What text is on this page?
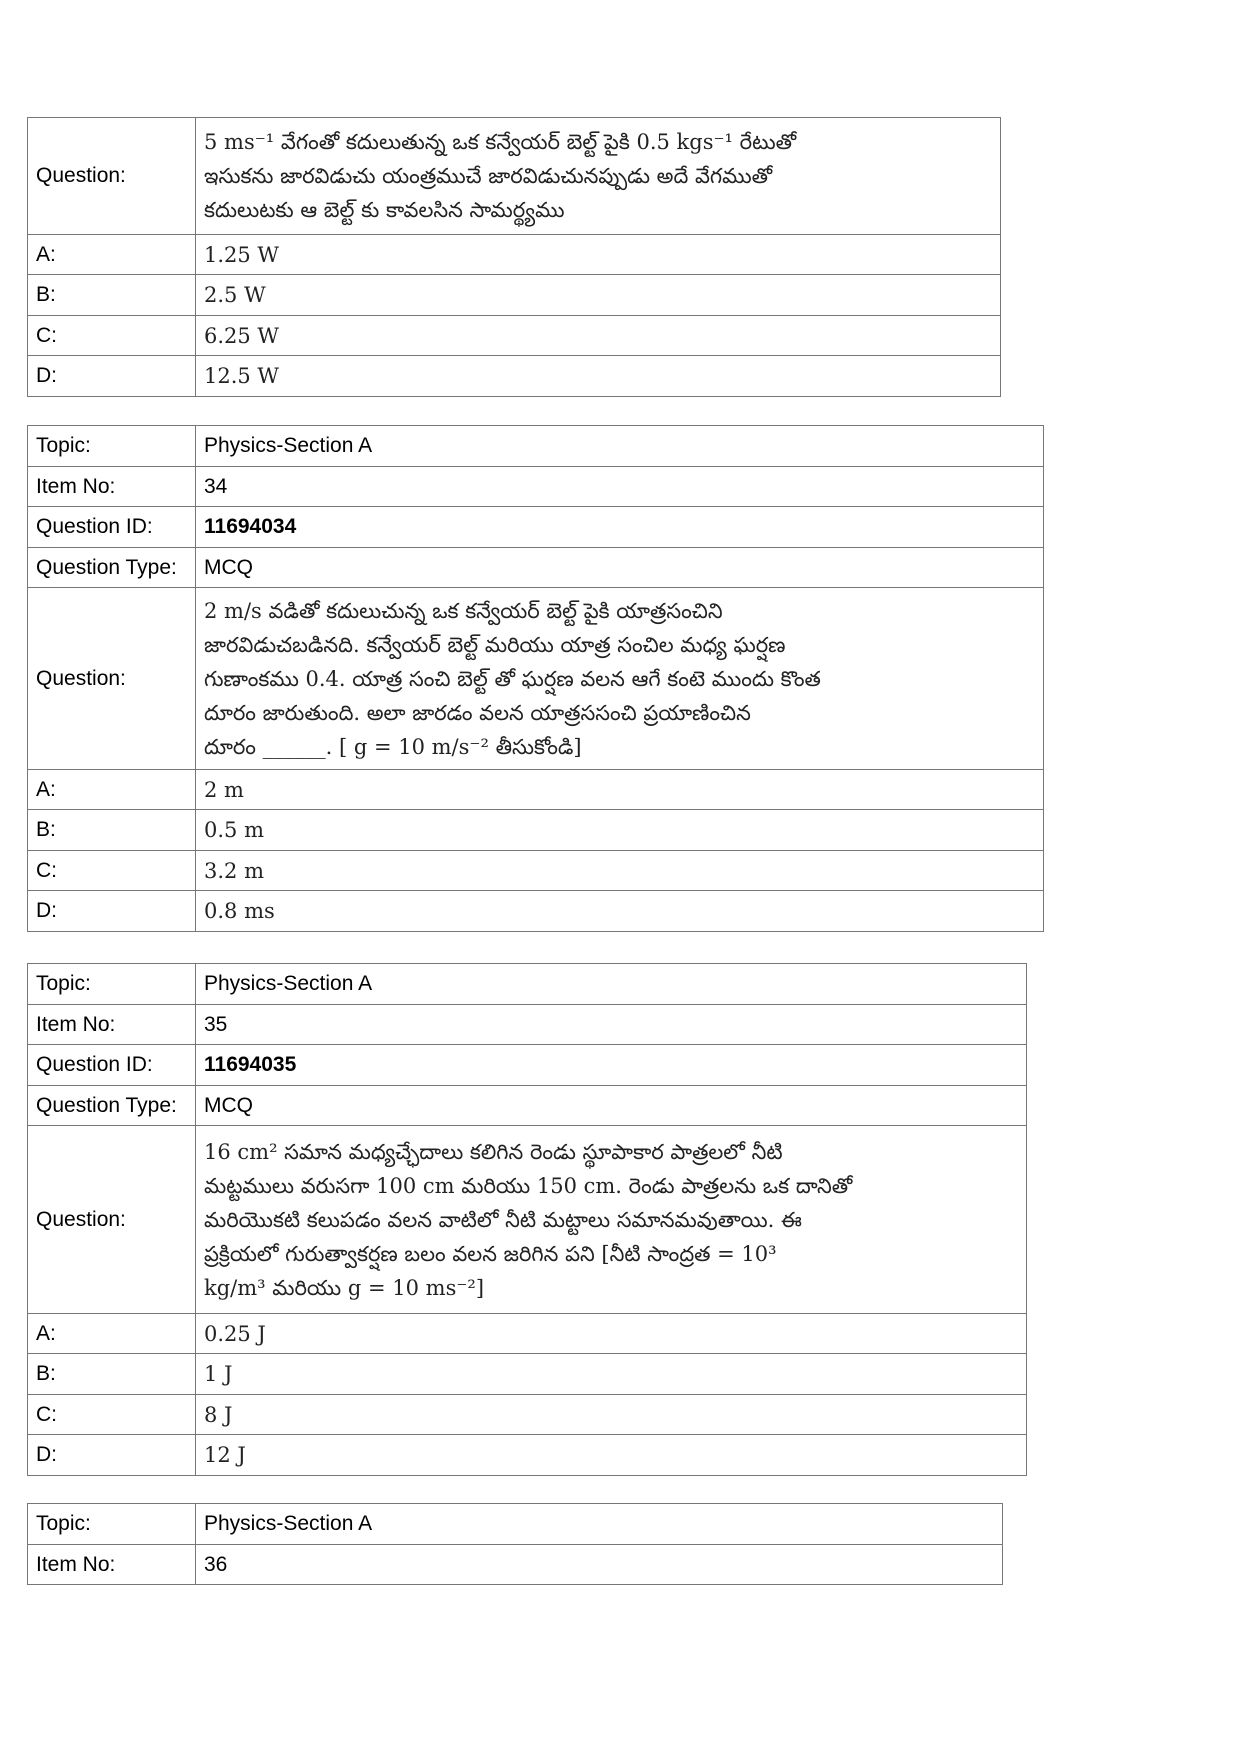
Question:	5 ms⁻¹ వేగంతో కదులుతున్న ఒక కన్వేయర్ బెల్ట్ పైకి 0.5 kgs⁻¹ రేటుతో
ఇసుకను జారవిడుచు యంత్రముచే జారవిడుచునప్పుడు అదే వేగముతో
కదులుటకు ఆ బెల్ట్ కు కావలసిన సామర్థ్యము

A:	1.25 W
B:	2.5 W
C:	6.25 W
D:	12.5 W
Topic:	Physics-Section A
Item No:	34
Question ID:	11694034
Question Type:	MCQ
Question:	2 m/s వడితో కదులుచున్న ఒక కన్వేయర్ బెల్ట్ పైకి యాత్రసంచిని
జారవిడుచబడినది. కన్వేయర్ బెల్ట్ మరియు యాత్ర సంచిల మధ్య ఘర్షణ
గుణాంకము 0.4. యాత్ర సంచి బెల్ట్ తో ఘర్షణ వలన ఆగే కంటె ముందు కొంత
దూరం జారుతుంది. అలా జారడం వలన యాత్రససంచి ప్రయాణించిన
దూరం ______. [ g = 10 m/s⁻² తీసుకోండి]

A:	2 m
B:	0.5 m
C:	3.2 m
D:	0.8 ms
Topic:	Physics-Section A
Item No:	35
Question ID:	11694035
Question Type:	MCQ
Question:	16 cm² సమాన మధ్యచ్ఛేదాలు కలిగిన రెండు స్థూపాకార పాత్రలలో నీటి
మట్టములు వరుసగా 100 cm మరియు 150 cm. రెండు పాత్రలను ఒక దానితో
మరియొకటి కలుపడం వలన వాటిలో నీటి మట్టాలు సమానమవుతాయి. ఈ
ప్రక్రియలో గురుత్వాకర్షణ బలం వలన జరిగిన పని [నీటి సాంద్రత = 10³
kg/m³ మరియు g = 10 ms⁻²]

A:	0.25 J
B:	1 J
C:	8 J
D:	12 J
Topic:	Physics-Section A
Item No:	36
